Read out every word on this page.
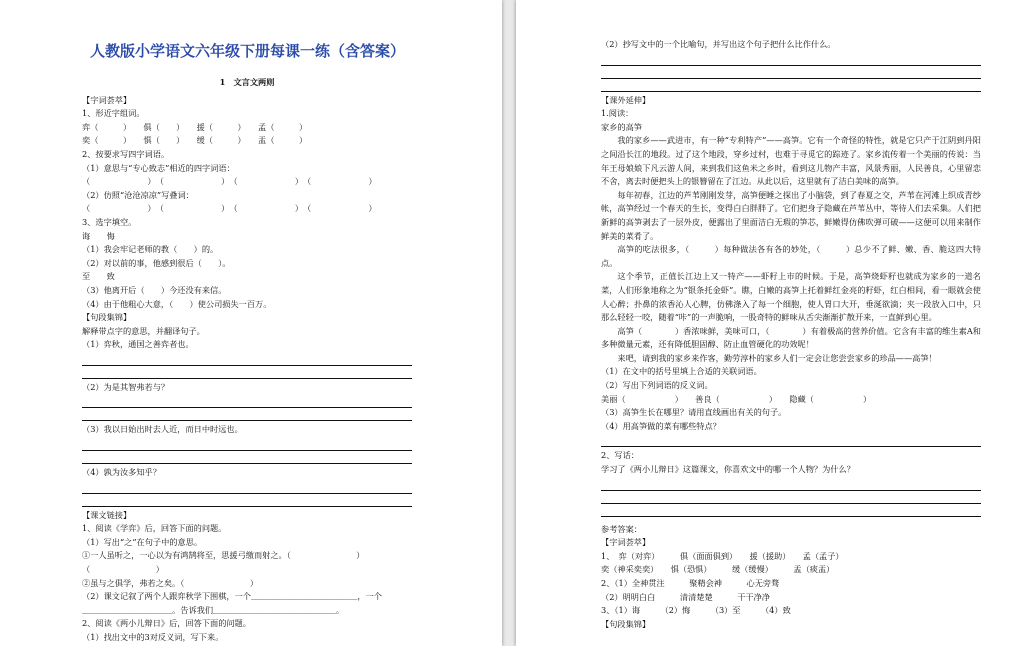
人教版小学语文六年级下册每课一练（含答案）
1　文言文两则
【字词荟萃】
1、形近字组词。
弈（　　　）　　俱（　　）　　援（　　　）　　孟（　　　）
奕（　　　）　　惧（　　）　　缓（　　　）　　盂（　　　）
2、按要求写四字词语。
（1）意思与“专心致志”相近的四字词语：
（　　　　　　　）　（　　　　　　　）　（　　　　　　　）　（　　　　　　　）
（2）仿照“沧沧凉凉”写叠词：
（　　　　　　　）　（　　　　　　　）　（　　　　　　　）　（　　　　　　　）
3、选字填空。
诲　　悔
（1）我会牢记老师的教（　　）的。
（2）对以前的事，他感到很后（　　）。
至　　致
（3）他离开后（　　）今还没有来信。
（4）由于他粗心大意，（　　）使公司损失一百万。
【句段集锦】
解释带点字的意思，并翻译句子。
（1）弈秋，通国之善弈者也。
（2）为是其智弗若与？
（3）我以日始出时去人近，而日中时远也。
（4）孰为汝多知乎？
【课文链接】
1、阅读《学弈》后，回答下面的问题。
（1）写出“之”在句子中的意思。
①一人虽听之，一心以为有鸿鹄将至，思援弓缴而射之。（　　　　　　　　）
（　　　　　　　　）
②虽与之俱学，弗若之矣。（　　　　　　　　）
（2）课文记叙了两个人跟弈秋学下围棋，一个＿＿＿＿＿＿＿＿＿＿＿＿＿，一个
＿＿＿＿＿＿＿＿＿＿＿。告诉我们＿＿＿＿＿＿＿＿＿＿＿＿＿＿＿。
2、阅读《两小儿辩日》后，回答下面的问题。
（1）找出文中的3对反义词，写下来。
（2）抄写文中的一个比喻句，并写出这个句子把什么比作什么。
【课外延伸】
1.阅读：
家乡的高笋
我的家乡——武进市，有一种“专利特产”——高笋。它有一个奇怪的特性，就是它只产于江阴到丹阳之间沿长江的地段。过了这个地段，穿乡过村，也难于寻觅它的踪迹了。家乡流传着一个美丽的传说：当年王母娘娘下凡云游人间，来到我们这鱼米之乡时，看到这儿物产丰富，风景秀丽，人民善良，心里留恋不舍，离去时便把头上的银簪留在了江边。从此以后，这里就有了洁白美味的高笋。
每年初春，江边的芦苇刚刚发芽，高笋便睡之探出了小脑袋，到了春夏之交，芦苇在河滩上织成青纱帐，高笋经过一个春天的生长，变得白白胖胖了。它们把身子隐藏在芦苇丛中，等待人们去采集。人们把新鲜的高笋剥去了一层外皮，便露出了里面洁白无瑕的笋芯，鲜嫩得仿佛吹弹可破——这便可以用来制作鲜美的菜肴了。
高笋的吃法很多，（　　　）每种做法各有各的妙处，（　　　）总少不了鲜、嫩、香、脆这四大特点。
这个季节，正值长江边上又一特产——虾籽上市的时候。于是，高笋烧虾籽也就成为家乡的一道名菜，人们形象地称之为“银条托金虾”。瞧，白嫩的高笋上托着鲜红金亮的籽虾，红白相间，看一眼就会使人心醉；扑鼻的浓香沁人心脾，仿佛涤入了每一个细胞，使人胃口大开，垂涎欲滴；夹一段放入口中，只那么轻轻一咬，随着“咔”的一声脆响，一股奇特的鲜味从舌尖渐渐扩散开来，一直鲜到心里。
高笋（　　　　）香浓味鲜，美味可口，（　　　　）有着极高的营养价值。它含有丰富的维生素A和多种微量元素，还有降低胆固醇、防止血管硬化的功效呢！
来吧，请到我的家乡来作客，勤劳淳朴的家乡人们一定会让您尝尝家乡的珍品——高笋！
（1）在文中的括号里填上合适的关联词语。
（2）写出下列词语的反义词。
美丽（　　　　　　）　　善良（　　　　　　）　　隐藏（　　　　　　）
（3）高笋生长在哪里？请用直线画出有关的句子。
（4）用高笋做的菜有哪些特点？
2、写话：
学习了《两小儿辩日》这篇课文，你喜欢文中的哪一个人物？为什么？
参考答案：
【字词荟萃】
1、　弈（对弈）　　　俱（面面俱到）　　援（援助）　　孟（孟子）
奕（神采奕奕）　　惧（恐惧）　　　缓（缓慢）　　　盂（痰盂）
2、（1）全神贯注　　　聚精会神　　　心无旁骛
（2）明明白白　　　清清楚楚　　　干干净净
3、（1）诲　　　（2）悔　　　（3）至　　　（4）致
【句段集锦】
